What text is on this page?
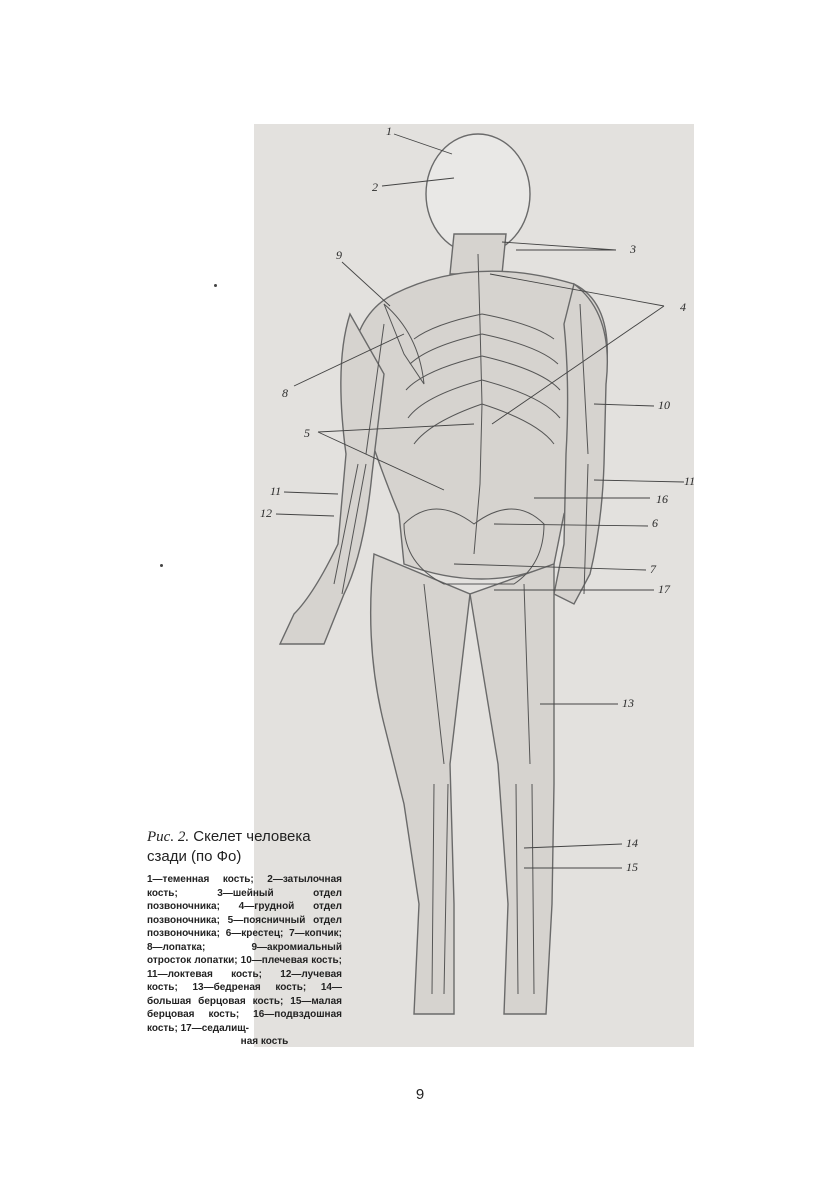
1
2
3
4
9
8
10
5
11
11
12
16
6
7
17
13
14
15
Рис. 2. Скелет человека сзади (по Фо)
1—теменная кость; 2—затылочная кость; 3—шейный отдел позвоночника; 4—грудной отдел позвоночника; 5—поясничный отдел позвоночника; 6—крестец; 7—копчик; 8—лопатка; 9—акромиальный отросток лопатки; 10—плечевая кость; 11—локтевая кость; 12—лучевая кость; 13—бедреная кость; 14—большая берцовая кость; 15—малая берцовая кость; 16—подвздошная кость; 17—седалищ-
ная кость
9
